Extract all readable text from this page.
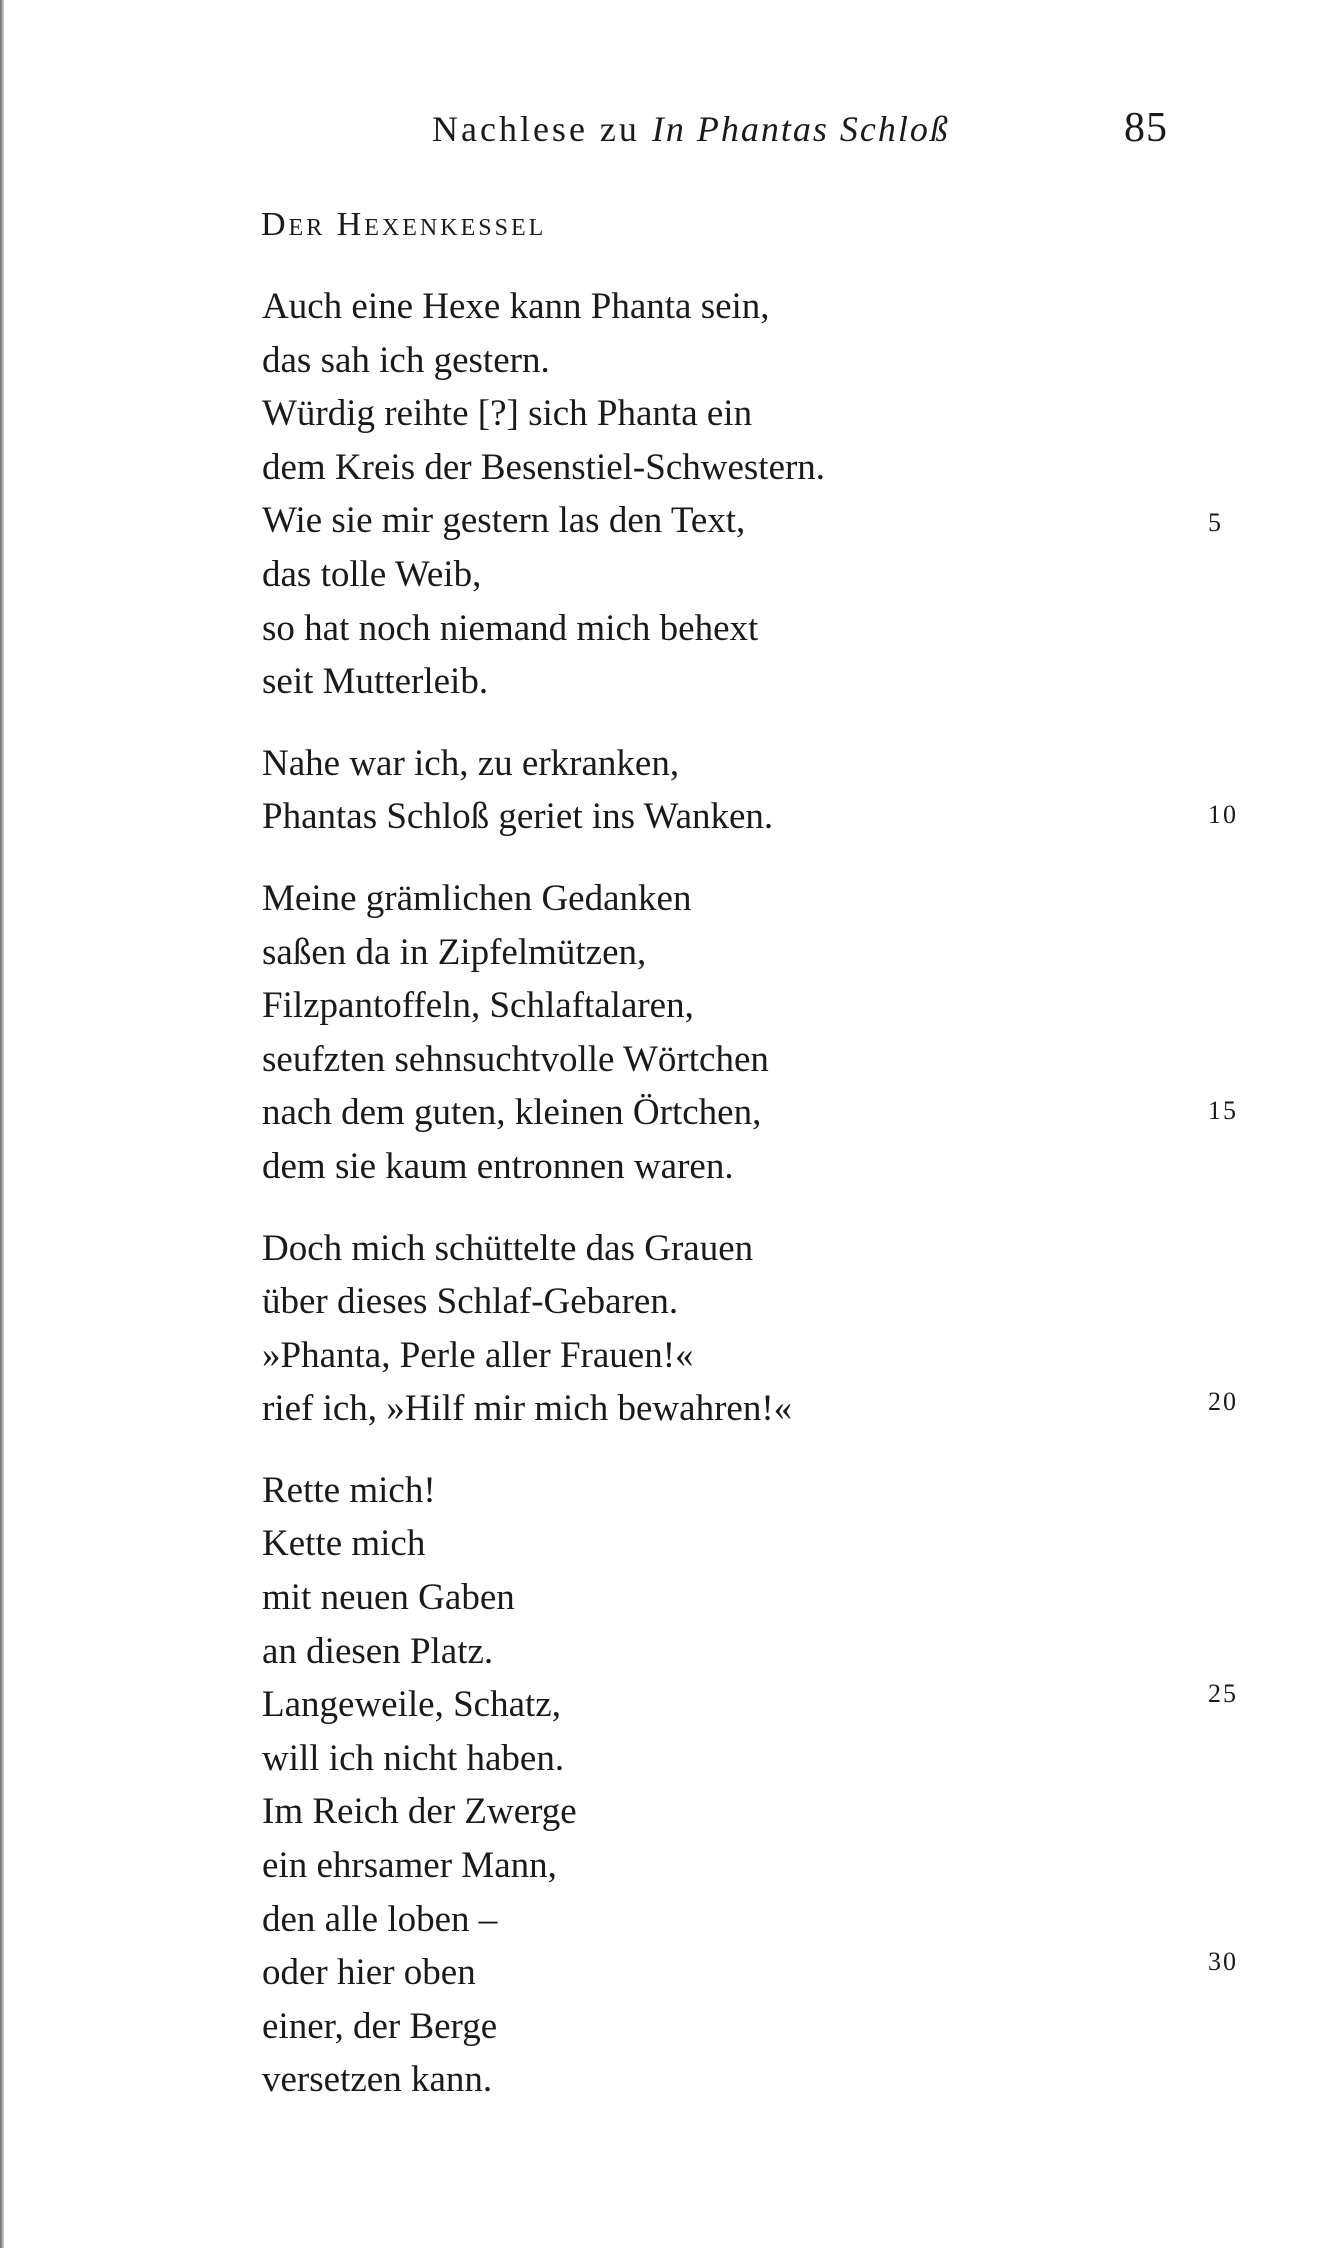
Nachlese zu In Phantas Schloß	85
Der Hexenkessel
Auch eine Hexe kann Phanta sein,
das sah ich gestern.
Würdig reihte [?] sich Phanta ein
dem Kreis der Besenstiel-Schwestern.
Wie sie mir gestern las den Text,
das tolle Weib,
so hat noch niemand mich behext
seit Mutterleib.
Nahe war ich, zu erkranken,
Phantas Schloß geriet ins Wanken.
Meine grämlichen Gedanken
saßen da in Zipfelmützen,
Filzpantoffeln, Schlaftalaren,
seufzten sehnsuchtvolle Wörtchen
nach dem guten, kleinen Örtchen,
dem sie kaum entronnen waren.
Doch mich schüttelte das Grauen
über dieses Schlaf-Gebaren.
»Phanta, Perle aller Frauen!«
rief ich, »Hilf mir mich bewahren!«
Rette mich!
Kette mich
mit neuen Gaben
an diesen Platz.
Langeweile, Schatz,
will ich nicht haben.
Im Reich der Zwerge
ein ehrsamer Mann,
den alle loben –
oder hier oben
einer, der Berge
versetzen kann.
5
10
15
20
25
30
